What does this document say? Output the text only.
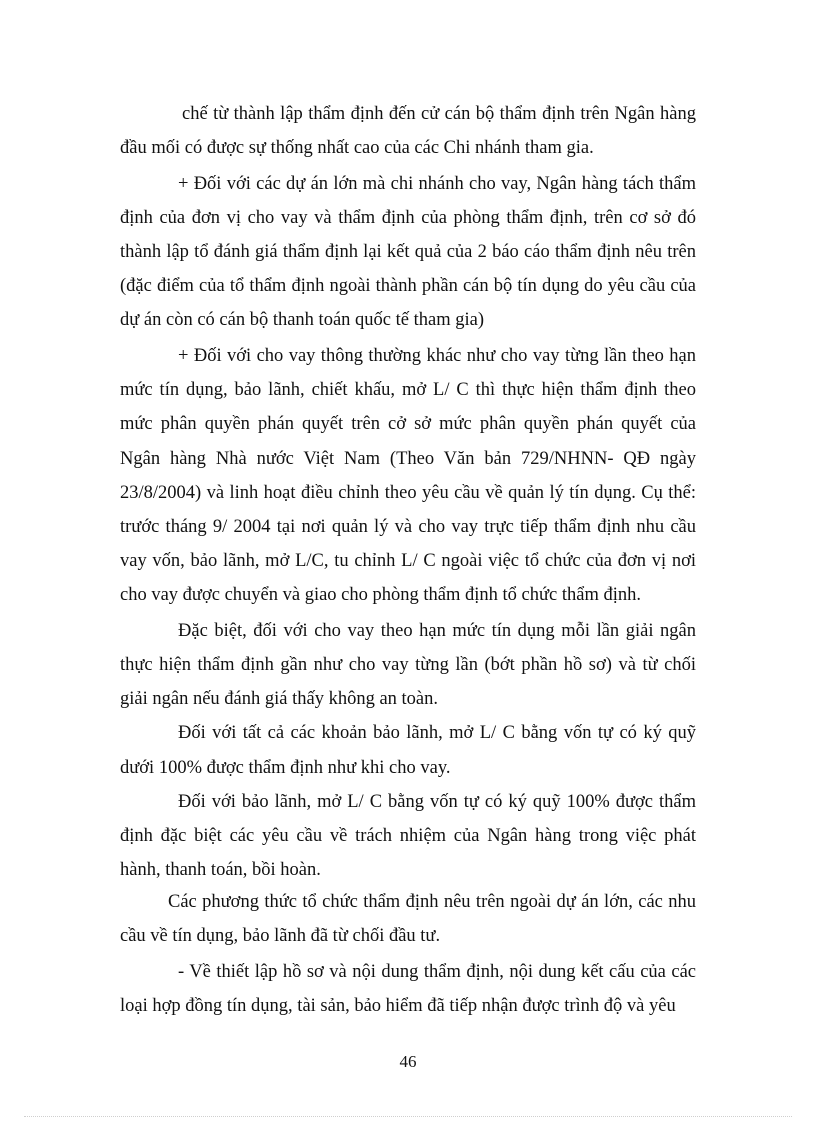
chế từ thành lập thẩm định đến cử cán bộ thẩm định trên Ngân hàng
đầu mối có được sự thống nhất cao của các Chi nhánh tham gia.
+ Đối với các dự án lớn mà chi nhánh cho vay, Ngân hàng tách thẩm
định của đơn vị cho vay và thẩm định của phòng thẩm định, trên cơ sở đó
thành lập tổ đánh giá thẩm định lại kết quả của 2 báo cáo thẩm định nêu trên
(đặc điểm của tổ thẩm định ngoài thành phần cán bộ tín dụng do yêu cầu của
dự án còn có cán bộ thanh toán quốc tế tham gia)
+ Đối với cho vay thông thường khác như cho vay từng lần theo hạn
mức tín dụng, bảo lãnh, chiết khấu, mở L/ C thì thực hiện thẩm định theo
mức phân quyền phán quyết trên cở sở mức phân quyền phán quyết của
Ngân hàng Nhà nước Việt Nam (Theo Văn bản 729/NHNN- QĐ ngày
23/8/2004) và linh hoạt điều chỉnh theo yêu cầu về quản lý tín dụng. Cụ thể:
trước tháng 9/ 2004 tại nơi quản lý và cho vay trực tiếp thẩm định nhu cầu
vay vốn, bảo lãnh, mở L/C, tu chỉnh L/ C ngoài việc tổ chức của đơn vị nơi
cho vay được chuyển và giao cho phòng thẩm định tổ chức thẩm định.
Đặc biệt, đối với cho vay theo hạn mức tín dụng mỗi lần giải ngân
thực hiện thẩm định gần như cho vay từng lần (bớt phần hồ sơ) và từ chối
giải ngân nếu đánh giá thấy không an toàn.
Đối với tất cả các khoản bảo lãnh, mở L/ C bằng vốn tự có ký quỹ
dưới 100% được thẩm định như khi cho vay.
Đối với bảo lãnh, mở L/ C bằng vốn tự có ký quỹ 100% được thẩm
định đặc biệt các yêu cầu về trách nhiệm của Ngân hàng trong việc phát
hành, thanh toán, bồi hoàn.
Các phương thức tổ chức thẩm định nêu trên ngoài dự án lớn, các nhu
cầu về tín dụng, bảo lãnh đã từ chối đầu tư.
- Về thiết lập hồ sơ và nội dung thẩm định, nội dung kết cấu của các
loại hợp đồng tín dụng, tài sản, bảo hiểm đã tiếp nhận được trình độ và yêu
46
